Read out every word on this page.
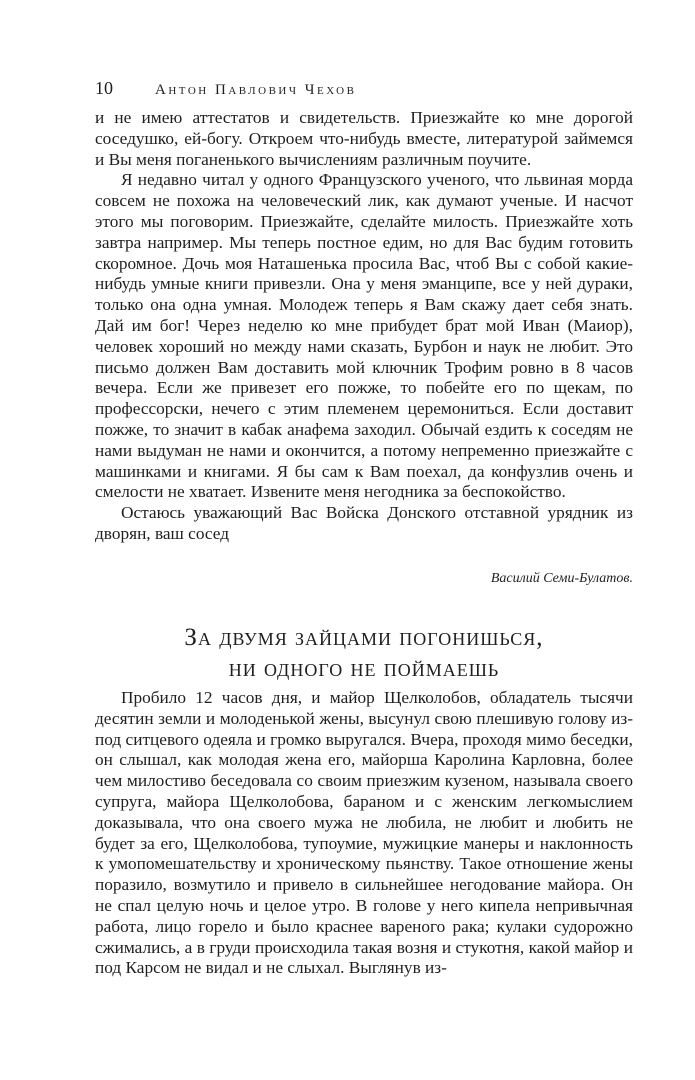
10	Антон Павлович Чехов

и не имею аттестатов и свидетельств. Приезжайте ко мне дорогой соседушко, ей-богу. Откроем что-нибудь вместе, литературой займемся и Вы меня поганенького вычислениям различным поучите.

Я недавно читал у одного Французского ученого, что львиная морда совсем не похожа на человеческий лик, как думают ученые. И насчот этого мы поговорим. Приезжайте, сделайте милость. Приезжайте хоть завтра например. Мы теперь постное едим, но для Вас будим готовить скоромное. Дочь моя Наташенька просила Вас, чтоб Вы с собой какие-нибудь умные книги привезли. Она у меня эманципе, все у ней дураки, только она одна умная. Молодеж теперь я Вам скажу дает себя знать. Дай им бог! Через неделю ко мне прибудет брат мой Иван (Маиор), человек хороший но между нами сказать, Бурбон и наук не любит. Это письмо должен Вам доставить мой ключник Трофим ровно в 8 часов вечера. Если же привезет его пожже, то побейте его по щекам, по профессорски, нечего с этим племенем церемониться. Если доставит пожже, то значит в кабак анафема заходил. Обычай ездить к соседям не нами выдуман не нами и окончится, а потому непременно приезжайте с машинками и книгами. Я бы сам к Вам поехал, да конфузлив очень и смелости не хватает. Извените меня негодника за беспокойство.

Остаюсь уважающий Вас Войска Донского отставной урядник из дворян, ваш сосед

Василий Семи-Булатов.
За двумя зайцами погонишься,
ни одного не поймаешь

Пробило 12 часов дня, и майор Щелколобов, обладатель тысячи десятин земли и молоденькой жены, высунул свою плешивую голову из-под ситцевого одеяла и громко выругался. Вчера, проходя мимо беседки, он слышал, как молодая жена его, майорша Каролина Карловна, более чем милостиво беседовала со своим приезжим кузеном, называла своего супруга, майора Щелколобова, бараном и с женским легкомыслием доказывала, что она своего мужа не любила, не любит и любить не будет за его, Щелколобова, тупоумие, мужицкие манеры и наклонность к умопомешательству и хроническому пьянству. Такое отношение жены поразило, возмутило и привело в сильнейшее негодование майора. Он не спал целую ночь и целое утро. В голове у него кипела непривычная работа, лицо горело и было краснее вареного рака; кулаки судорожно сжимались, а в груди происходила такая возня и стукотня, какой майор и под Карсом не видал и не слыхал. Выглянув из-
